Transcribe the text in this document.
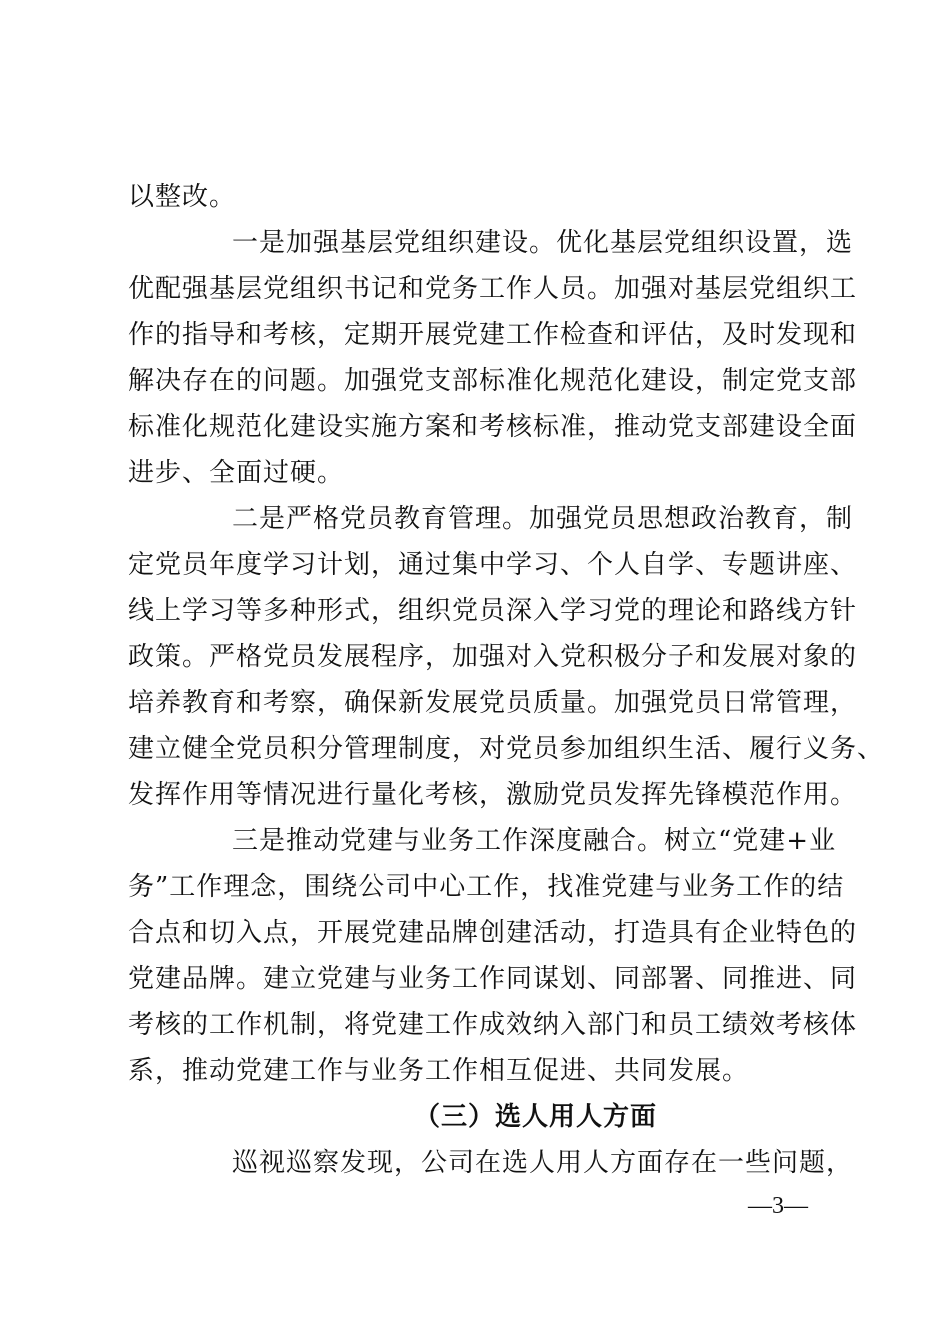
以整改。
一是加强基层党组织建设。优化基层党组织设置，选
优配强基层党组织书记和党务工作人员。加强对基层党组织工
作的指导和考核，定期开展党建工作检查和评估，及时发现和
解决存在的问题。加强党支部标准化规范化建设，制定党支部
标准化规范化建设实施方案和考核标准，推动党支部建设全面
进步、全面过硬。
二是严格党员教育管理。加强党员思想政治教育，制
定党员年度学习计划，通过集中学习、个人自学、专题讲座、
线上学习等多种形式，组织党员深入学习党的理论和路线方针
政策。严格党员发展程序，加强对入党积极分子和发展对象的
培养教育和考察，确保新发展党员质量。加强党员日常管理，
建立健全党员积分管理制度，对党员参加组织生活、履行义务、
发挥作用等情况进行量化考核，激励党员发挥先锋模范作用。
三是推动党建与业务工作深度融合。树立“党建+业
务”工作理念，围绕公司中心工作，找准党建与业务工作的结
合点和切入点，开展党建品牌创建活动，打造具有企业特色的
党建品牌。建立党建与业务工作同谋划、同部署、同推进、同
考核的工作机制，将党建工作成效纳入部门和员工绩效考核体
系，推动党建工作与业务工作相互促进、共同发展。
（三）选人用人方面
巡视巡察发现，公司在选人用人方面存在一些问题，
—3—
